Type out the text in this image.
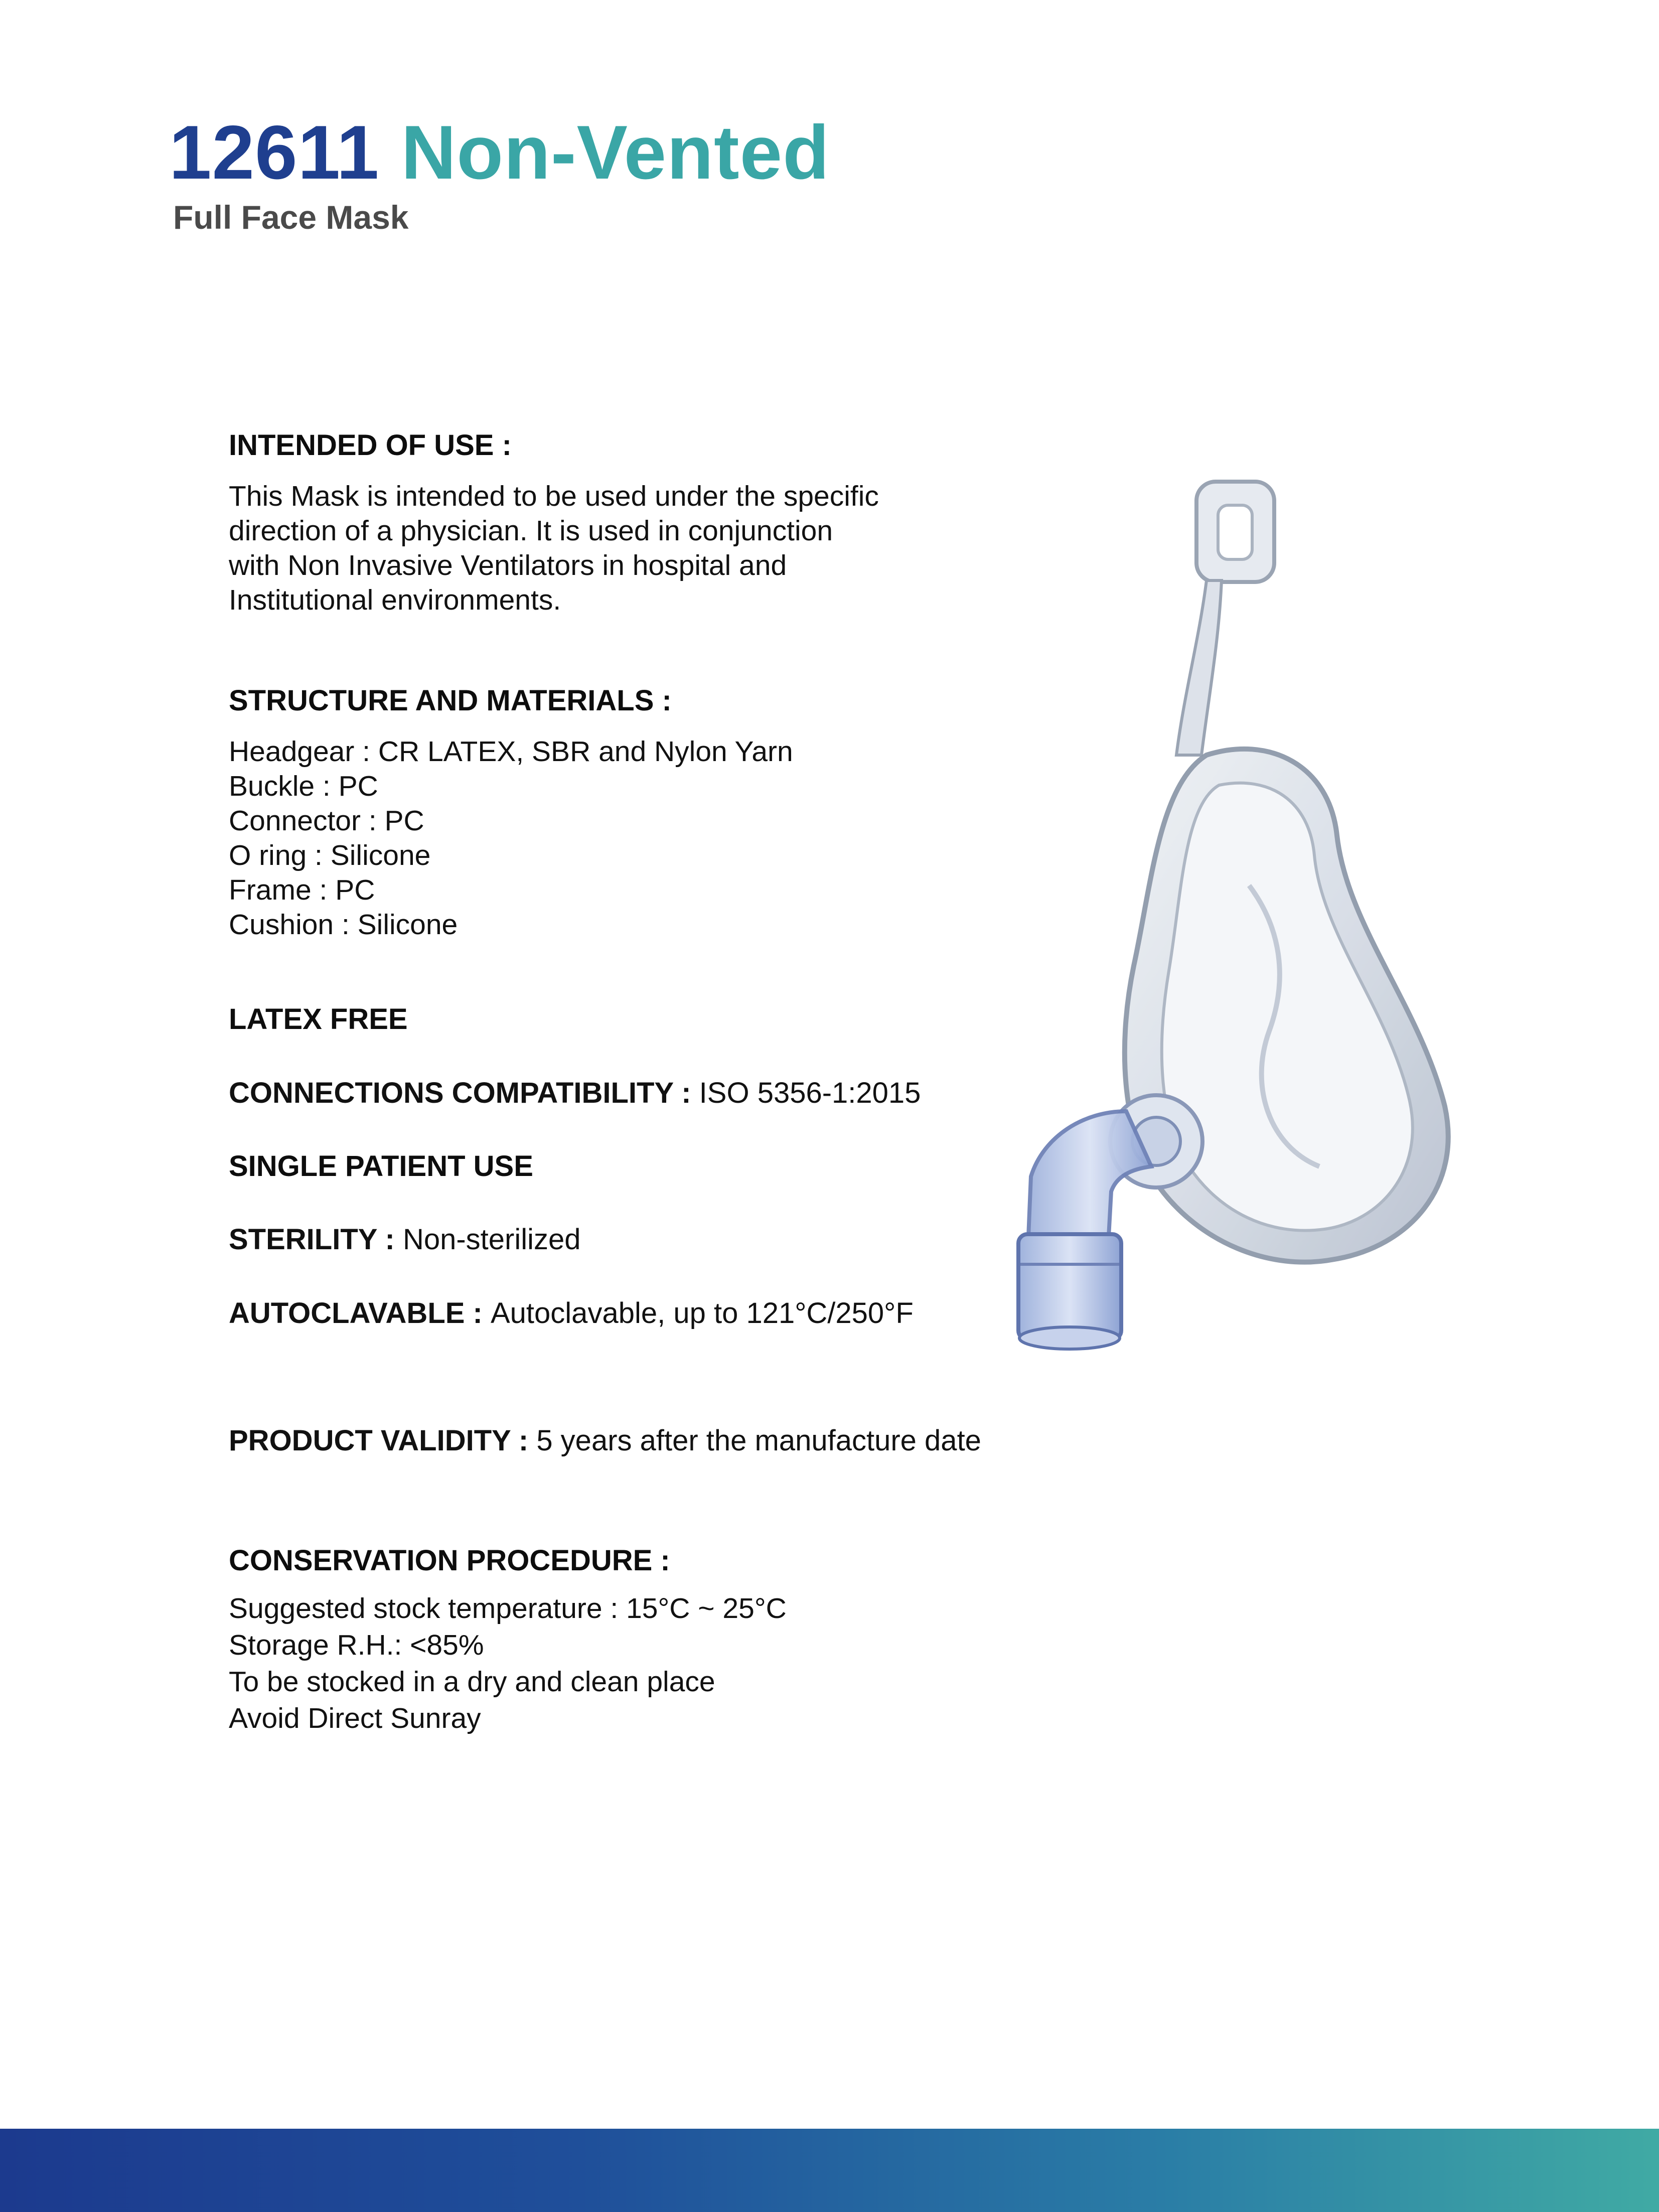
12611 Non-Vented
Full Face Mask
INTENDED OF USE :
This Mask is intended to be used under the specific
direction of a physician. It is used in conjunction
with Non Invasive Ventilators in hospital and
Institutional environments.
STRUCTURE AND MATERIALS :
Headgear : CR LATEX, SBR and Nylon Yarn
Buckle : PC
Connector : PC
O ring : Silicone
Frame : PC
Cushion : Silicone
LATEX FREE
CONNECTIONS COMPATIBILITY : ISO 5356-1:2015
SINGLE PATIENT USE
STERILITY : Non-sterilized
AUTOCLAVABLE : Autoclavable, up to 121°C/250°F
PRODUCT VALIDITY : 5 years after the manufacture date
CONSERVATION PROCEDURE :
Suggested stock temperature : 15°C ~ 25°C
Storage R.H.: <85%
To be stocked in a dry and clean place
Avoid Direct Sunray
